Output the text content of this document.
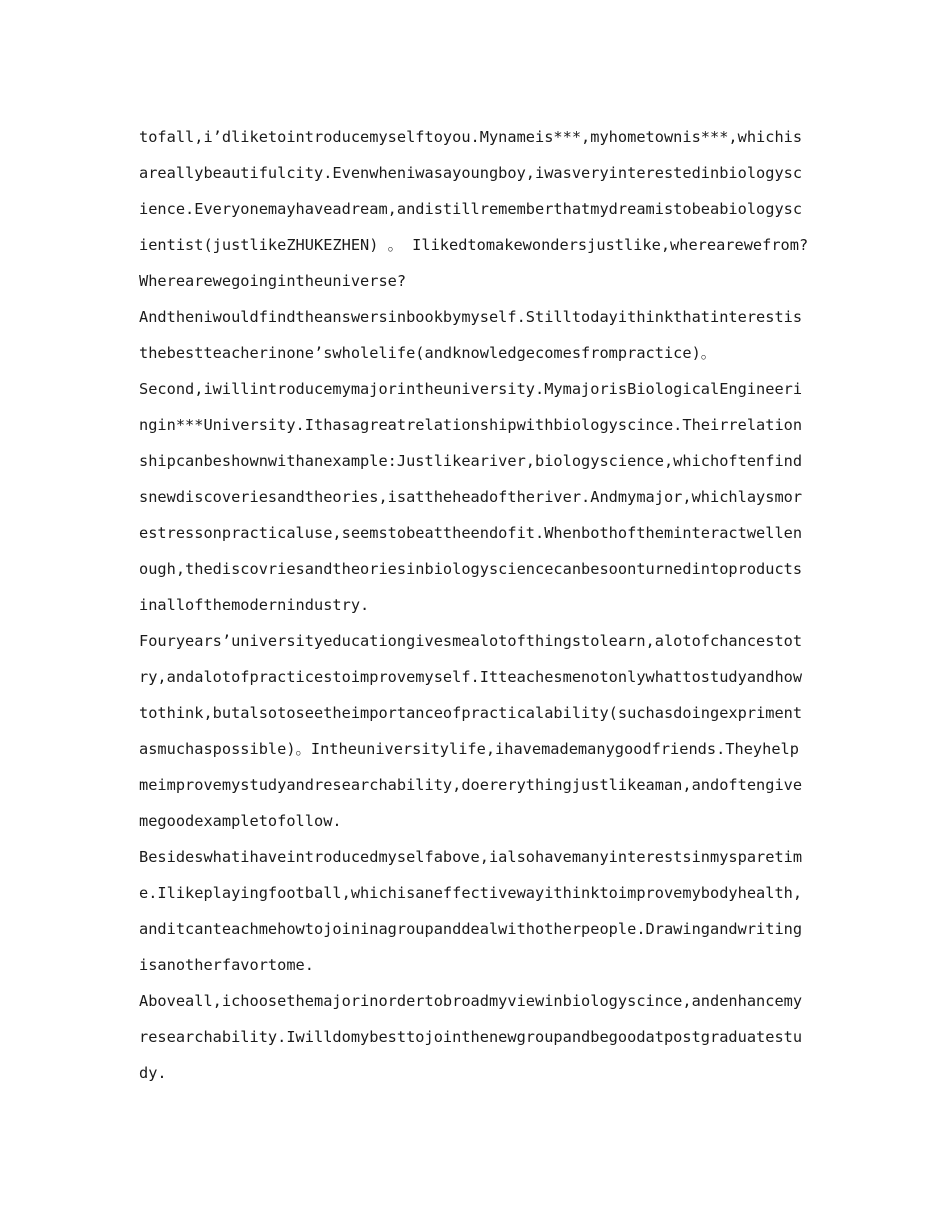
tofall,i’dliketointroducemyselftoyou.Mynameis***,myhometownis***,whichis
areallybeautifulcity.Evenwheniwasayoungboy,iwasveryinterestedinbiologysc
ience.Everyonemayhaveadream,andistillrememberthatmydreamistobeabiologysc
ientist(justlikeZHUKEZHEN) 。 Ilikedtomakewondersjustlike,wherearewefrom?
Wherearewegoingintheuniverse?
Andtheniwouldfindtheanswersinbookbymyself.Stilltodayithinkthatinterestis
thebestteacherinone’swholelife(andknowledgecomesfrompractice)。
Second,iwillintroducemymajorintheuniversity.MymajorisBiologicalEngineeri
ngin***University.Ithasagreatrelationshipwithbiologyscince.Theirrelation
shipcanbeshownwithanexample:Justlikeariver,biologyscience,whichoftenfind
snewdiscoveriesandtheories,isattheheadoftheriver.Andmymajor,whichlaysmor
estressonpracticaluse,seemstobeattheendofit.Whenbothoftheminteractwellen
ough,thediscovriesandtheoriesinbiologysciencecanbesoonturnedintoproducts
inallofthemodernindustry.
Fouryears’universityeducationgivesmealotofthingstolearn,alotofchancestot
ry,andalotofpracticestoimprovemyself.Itteachesmenotonlywhattostudyandhow
tothink,butalsotoseetheimportanceofpracticalability(suchasdoingexpriment
asmuchaspossible)。Intheuniversitylife,ihavemademanygoodfriends.Theyhelp
meimprovemystudyandresearchability,doererythingjustlikeaman,andoftengive
megoodexampletofollow.
Besideswhatihaveintroducedmyselfabove,ialsohavemanyinterestsinmysparetim
e.Ilikeplayingfootball,whichisaneffectivewayithinktoimprovemybodyhealth,
anditcanteachmehowtojoininagroupanddealwithotherpeople.Drawingandwriting
isanotherfavortome.
Aboveall,ichoosethemajorinordertobroadmyviewinbiologyscince,andenhancemy
researchability.Iwilldomybesttojointhenewgroupandbegoodatpostgraduatestu
dy.
